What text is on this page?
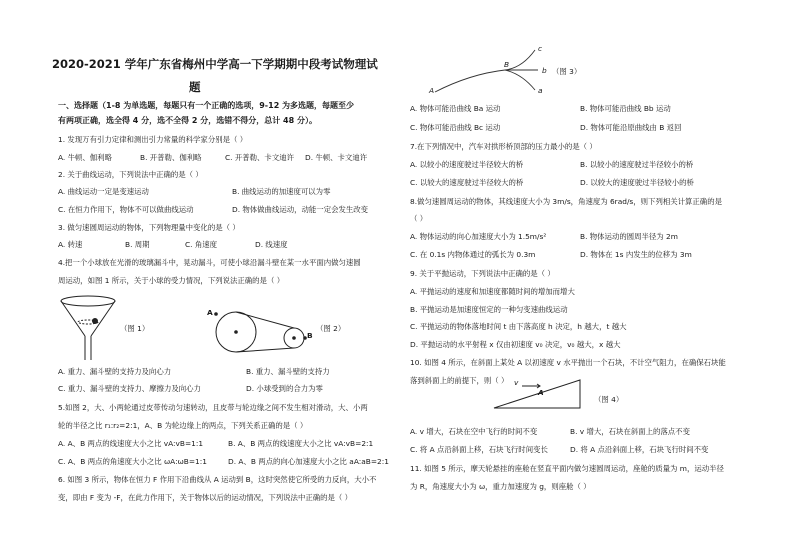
2020-2021 学年广东省梅州中学高一下学期期中段考试物理试
题
一、选择题（1-8 为单选题，每题只有一个正确的选项，9-12 为多选题，每题至少
有两项正确，选全得 4 分，选不全得 2 分，选错不得分，总计 48 分）。
1. 发现万有引力定律和测出引力常量的科学家分别是（ ）
A. 牛顿、伽利略	B. 开普勒、伽利略	C. 开普勒、卡文迪许 D. 牛顿、卡文迪许
2. 关于曲线运动，下列说法中正确的是（ ）
A. 曲线运动一定是变速运动	B. 曲线运动的加速度可以为零
C. 在恒力作用下，物体不可以做曲线运动	D. 物体做曲线运动，动能一定会发生改变
3. 做匀速圆周运动的物体，下列物理量中变化的是（ ）
A. 转速	B. 周期	C. 角速度	D. 线速度
4.把一个小球放在光滑的玻璃漏斗中，晃动漏斗，可使小球沿漏斗壁在某一水平面内做匀速圆
周运动，如图 1 所示，关于小球的受力情况，下列说法正确的是（ ）
（图 1）
A
B
（图 2）
A. 重力、漏斗壁的支持力及向心力	B. 重力、漏斗壁的支持力
C. 重力、漏斗壁的支持力、摩擦力及向心力	D. 小球受到的合力为零
5.如图 2，大、小两轮通过皮带传动匀速转动，且皮带与轮边缘之间不发生相对滑动，大、小两
轮的半径之比 r₁:r₂=2:1，A、B 为轮边缘上的两点，下列关系正确的是（ ）
A. A、B 两点的线速度大小之比 vA:vB=1:1	B. A、B 两点的线速度大小之比 vA:vB=2:1
C. A、B 两点的角速度大小之比 ωA:ωB=1:1	D. A、B 两点的向心加速度大小之比 aA:aB=2:1
6. 如图 3 所示，物体在恒力 F 作用下沿曲线从 A 运动到 B，这时突然使它所受的力反向，大小不
变，即由 F 变为 -F，在此力作用下，关于物体以后的运动情况，下列说法中正确的是（ ）
A
B
c
b
a
（图 3）
A. 物体可能沿曲线 Ba 运动	B. 物体可能沿曲线 Bb 运动
C. 物体可能沿曲线 Bc 运动	D. 物体可能沿原曲线由 B 返回
7.在下列情况中，汽车对拱形桥顶部的压力最小的是（ ）
A. 以较小的速度驶过半径较大的桥	B. 以较小的速度驶过半径较小的桥
C. 以较大的速度驶过半径较大的桥	D. 以较大的速度驶过半径较小的桥
8.做匀速圆周运动的物体，其线速度大小为 3m/s，角速度为 6rad/s，则下列相关计算正确的是
（ ）
A. 物体运动的向心加速度大小为 1.5m/s²	B. 物体运动的圆周半径为 2m
C. 在 0.1s 内物体通过的弧长为 0.3m	D. 物体在 1s 内发生的位移为 3m
9. 关于平抛运动，下列说法中正确的是（ ）
A. 平抛运动的速度和加速度都随时间的增加而增大
B. 平抛运动是加速度恒定的一种匀变速曲线运动
C. 平抛运动的物体落地时间 t 由下落高度 h 决定，h 越大，t 越大
D. 平抛运动的水平射程 x 仅由初速度 v₀ 决定，v₀ 越大，x 越大
10. 如图 4 所示，在斜面上某处 A 以初速度 v 水平抛出一个石块，不计空气阻力，在确保石块能
落到斜面上的前提下，则（ ） v
A
（图 4）
A. v 增大，石块在空中飞行的时间不变	B. v 增大，石块在斜面上的落点不变
C. 将 A 点沿斜面上移，石块飞行时间变长	D. 将 A 点沿斜面上移，石块飞行时间不变
11. 如图 5 所示，摩天轮悬挂的座舱在竖直平面内做匀速圆周运动，座舱的质量为 m，运动半径
为 R，角速度大小为 ω，重力加速度为 g，则座舱（ ）
